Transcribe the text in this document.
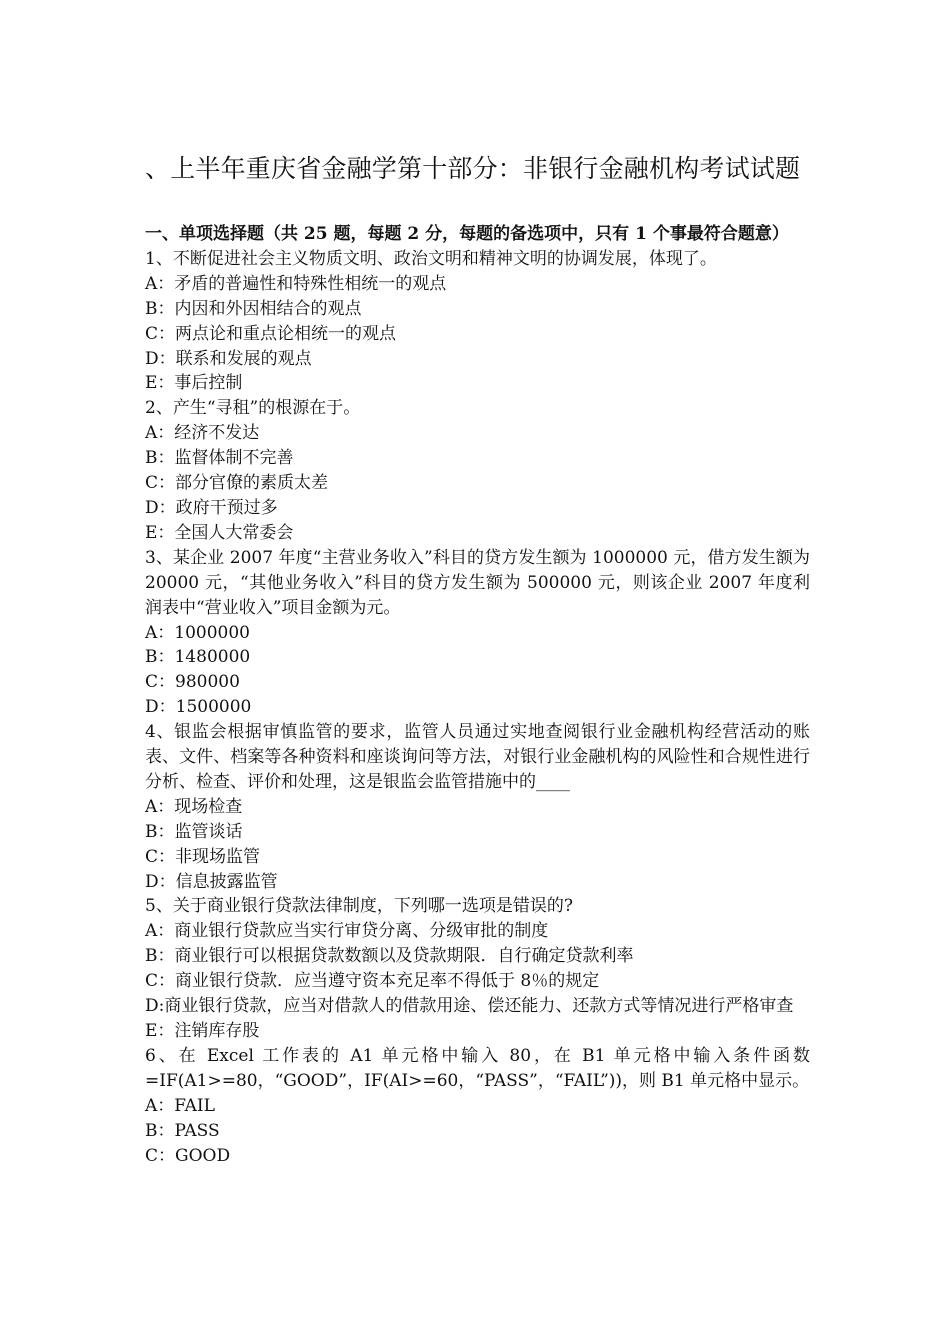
、上半年重庆省金融学第十部分：非银行金融机构考试试题
一、单项选择题（共 25 题，每题 2 分，每题的备选项中，只有 1 个事最符合题意）
1、不断促进社会主义物质文明、政治文明和精神文明的协调发展，体现了。
A：矛盾的普遍性和特殊性相统一的观点
B：内因和外因相结合的观点
C：两点论和重点论相统一的观点
D：联系和发展的观点
E：事后控制
2、产生“寻租”的根源在于。
A：经济不发达
B：监督体制不完善
C：部分官僚的素质太差
D：政府干预过多
E：全国人大常委会
3、某企业 2007 年度“主营业务收入”科目的贷方发生额为 1000000 元，借方发生额为 20000 元，“其他业务收入”科目的贷方发生额为 500000 元，则该企业 2007 年度利润表中“营业收入”项目金额为元。
A：1000000
B：1480000
C：980000
D：1500000
4、银监会根据审慎监管的要求，监管人员通过实地查阅银行业金融机构经营活动的账表、文件、档案等各种资料和座谈询问等方法，对银行业金融机构的风险性和合规性进行分析、检查、评价和处理，这是银监会监管措施中的____
A：现场检查
B：监管谈话
C：非现场监管
D：信息披露监管
5、关于商业银行贷款法律制度，下列哪一选项是错误的?
A：商业银行贷款应当实行审贷分离、分级审批的制度
B：商业银行可以根据贷款数额以及贷款期限．自行确定贷款利率
C：商业银行贷款．应当遵守资本充足率不得低于 8％的规定
D:商业银行贷款，应当对借款人的借款用途、偿还能力、还款方式等情况进行严格审查
E：注销库存股
6、在 Excel 工作表的 A1 单元格中输入 80，在 B1 单元格中输入条件函数 =IF(A1>=80，“GOOD”，IF(AI>=60，“PASS”，“FAIL”))，则 B1 单元格中显示。
A：FAIL
B：PASS
C：GOOD
